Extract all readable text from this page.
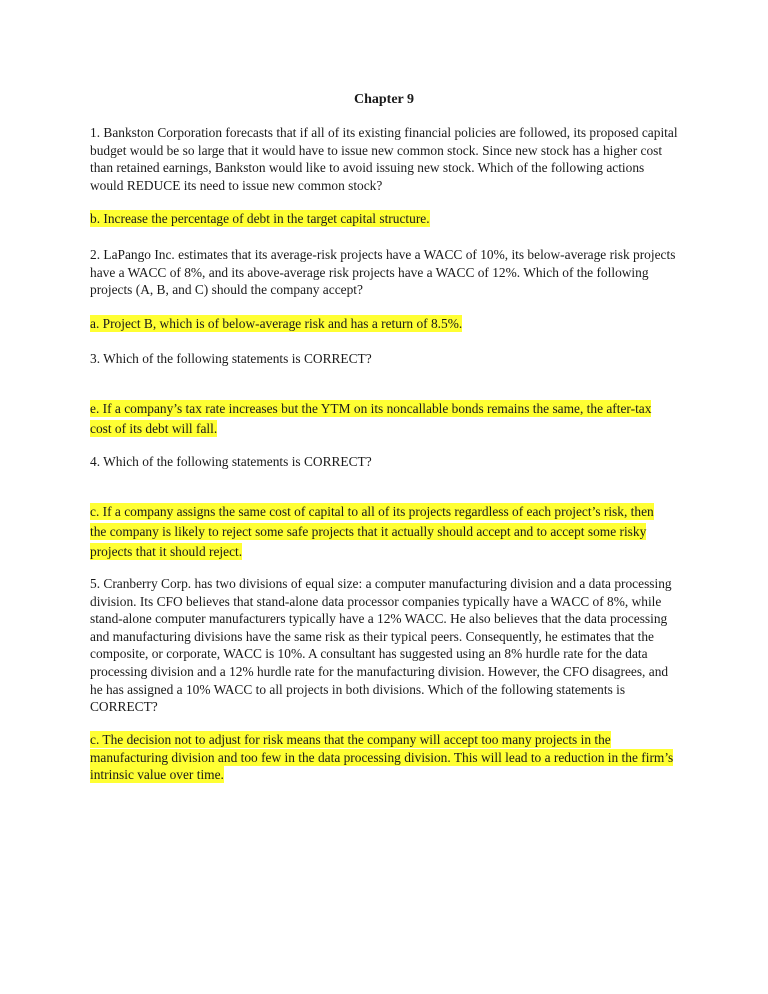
Chapter 9

1. Bankston Corporation forecasts that if all of its existing financial policies are followed, its proposed capital budget would be so large that it would have to issue new common stock. Since new stock has a higher cost than retained earnings, Bankston would like to avoid issuing new stock. Which of the following actions would REDUCE its need to issue new common stock?

b. Increase the percentage of debt in the target capital structure.

2. LaPango Inc. estimates that its average-risk projects have a WACC of 10%, its below-average risk projects have a WACC of 8%, and its above-average risk projects have a WACC of 12%. Which of the following projects (A, B, and C) should the company accept?

a. Project B, which is of below-average risk and has a return of 8.5%.

3. Which of the following statements is CORRECT?

e. If a company’s tax rate increases but the YTM on its noncallable bonds remains the same, the after-tax cost of its debt will fall.

4. Which of the following statements is CORRECT?

c. If a company assigns the same cost of capital to all of its projects regardless of each project’s risk, then the company is likely to reject some safe projects that it actually should accept and to accept some risky projects that it should reject.

5. Cranberry Corp. has two divisions of equal size: a computer manufacturing division and a data processing division. Its CFO believes that stand-alone data processor companies typically have a WACC of 8%, while stand-alone computer manufacturers typically have a 12% WACC. He also believes that the data processing and manufacturing divisions have the same risk as their typical peers. Consequently, he estimates that the composite, or corporate, WACC is 10%. A consultant has suggested using an 8% hurdle rate for the data processing division and a 12% hurdle rate for the manufacturing division. However, the CFO disagrees, and he has assigned a 10% WACC to all projects in both divisions. Which of the following statements is CORRECT?

c. The decision not to adjust for risk means that the company will accept too many projects in the manufacturing division and too few in the data processing division. This will lead to a reduction in the firm’s intrinsic value over time.
